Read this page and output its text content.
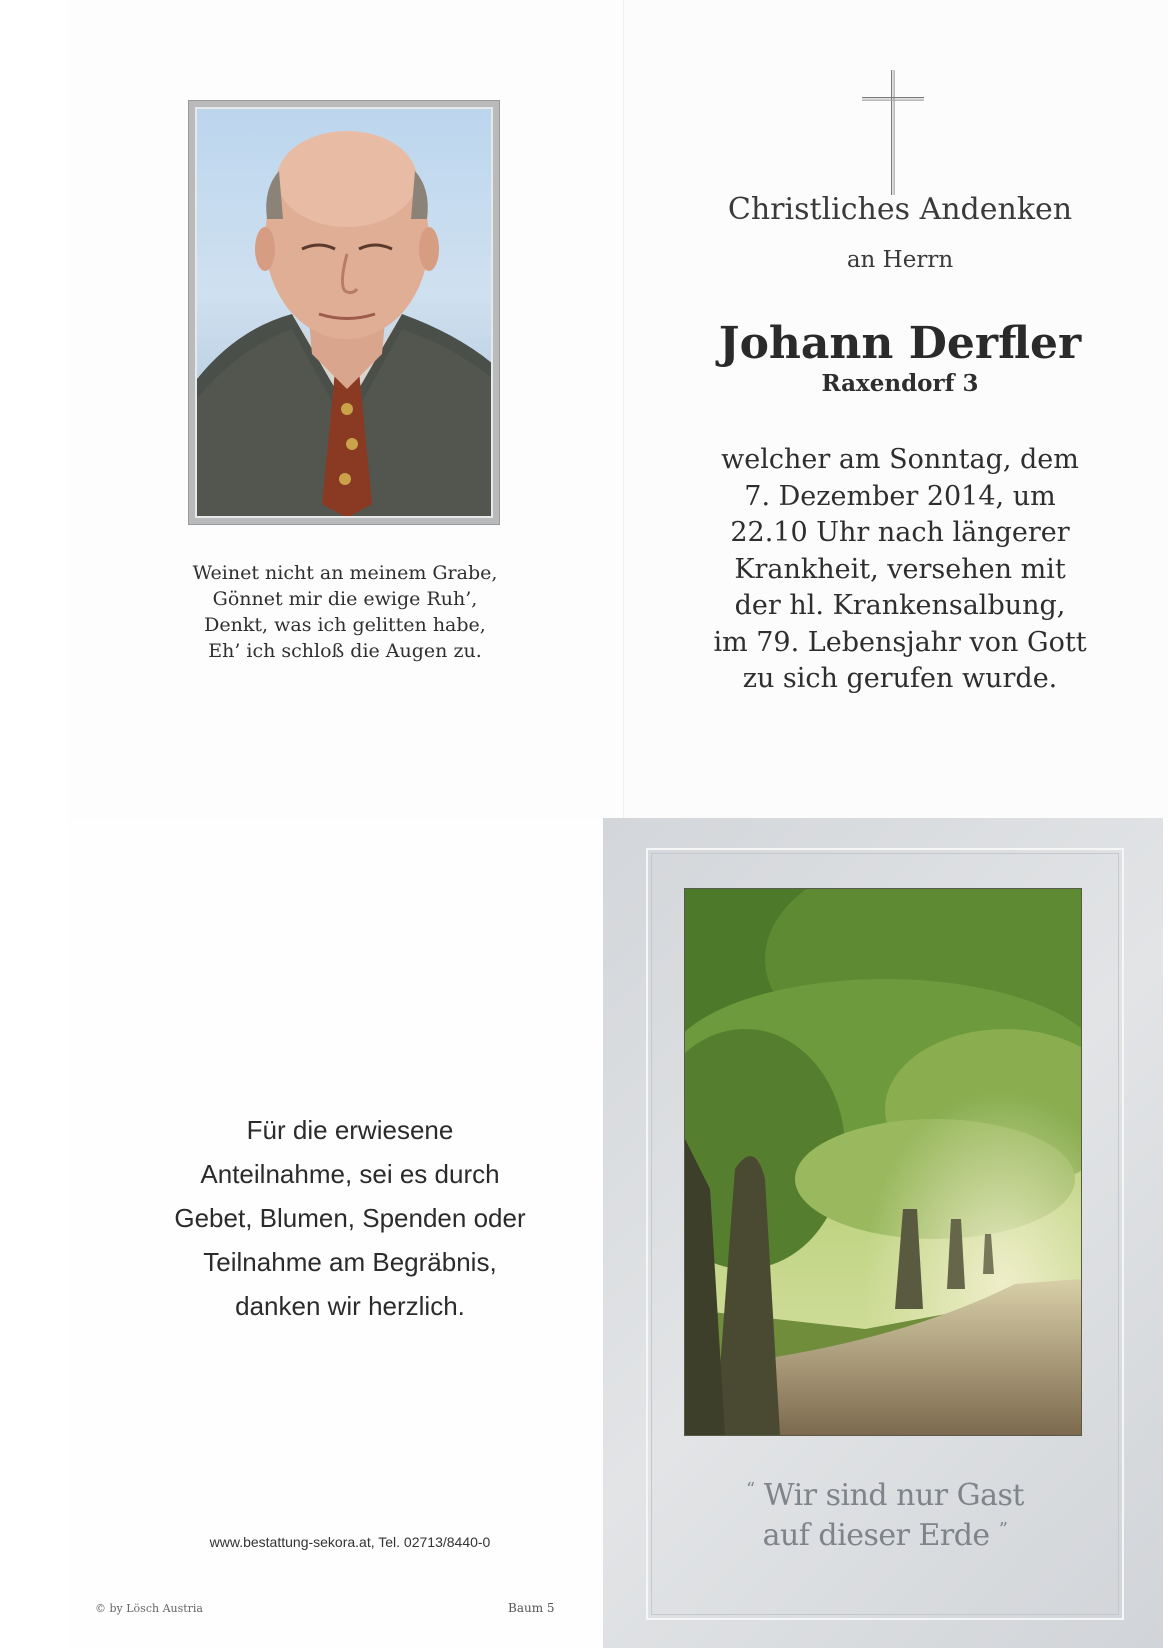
Weinet nicht an meinem Grabe,
Gönnet mir die ewige Ruh’,
Denkt, was ich gelitten habe,
Eh’ ich schloß die Augen zu.
Christliches Andenken
an Herrn
Johann Derfler
Raxendorf 3
welcher am Sonntag, dem
7. Dezember 2014, um
22.10 Uhr nach längerer
Krankheit, versehen mit
der hl. Krankensalbung,
im 79. Lebensjahr von Gott
zu sich gerufen wurde.
Für die erwiesene
Anteilnahme, sei es durch
Gebet, Blumen, Spenden oder
Teilnahme am Begräbnis,
danken wir herzlich.
www.bestattung-sekora.at, Tel. 02713/8440-0
© by Lösch Austria	Baum 5
“ Wir sind nur Gast
auf dieser Erde ”
